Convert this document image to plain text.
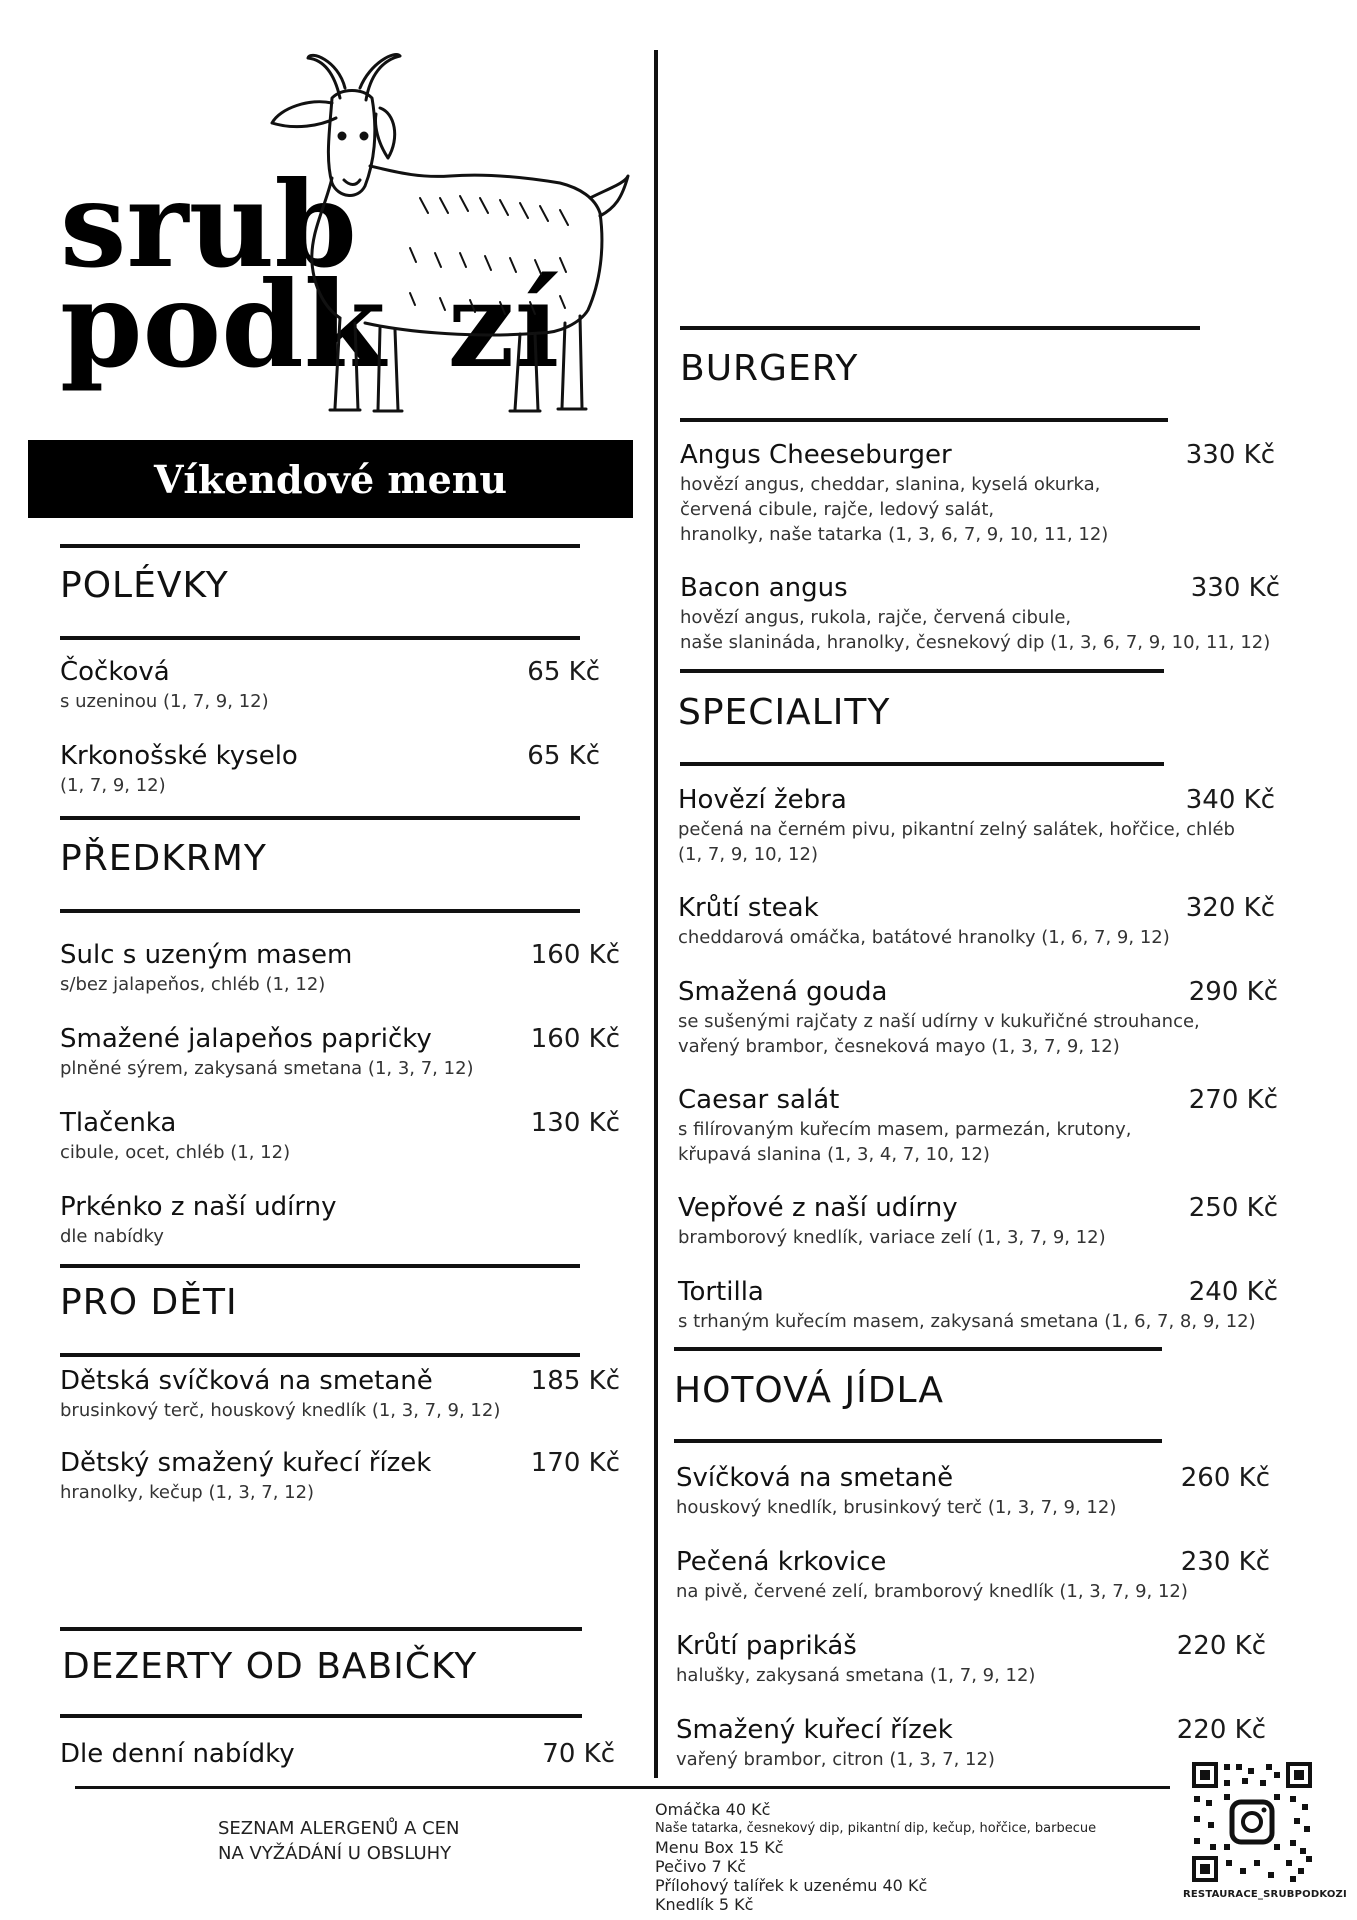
srub
podk zí
Víkendové menu
POLÉVKY
Čočková
s uzeninou (1, 7, 9, 12)
65 Kč
Krkonošské kyselo
(1, 7, 9, 12)
65 Kč
PŘEDKRMY
Sulc s uzeným masem
s/bez jalapeňos, chléb (1, 12)
160 Kč
Smažené jalapeňos papričky
plněné sýrem, zakysaná smetana (1, 3, 7, 12)
160 Kč
Tlačenka
cibule, ocet, chléb (1, 12)
130 Kč
Prkénko z naší udírny
dle nabídky
PRO DĚTI
Dětská svíčková na smetaně
brusinkový terč, houskový knedlík (1, 3, 7, 9, 12)
185 Kč
Dětský smažený kuřecí řízek
hranolky, kečup (1, 3, 7, 12)
170 Kč
DEZERTY OD BABIČKY
Dle denní nabídky	70 Kč
BURGERY
Angus Cheeseburger
hovězí angus, cheddar, slanina, kyselá okurka,
červená cibule, rajče, ledový salát,
hranolky, naše tatarka (1, 3, 6, 7, 9, 10, 11, 12)
330 Kč
Bacon angus
hovězí angus, rukola, rajče, červená cibule,
naše slanináda, hranolky, česnekový dip (1, 3, 6, 7, 9, 10, 11, 12)
330 Kč
SPECIALITY
Hovězí žebra
pečená na černém pivu, pikantní zelný salátek, hořčice, chléb
(1, 7, 9, 10, 12)
340 Kč
Krůtí steak
cheddarová omáčka, batátové hranolky (1, 6, 7, 9, 12)
320 Kč
Smažená gouda
se sušenými rajčaty z naší udírny v kukuřičné strouhance,
vařený brambor, česneková mayo (1, 3, 7, 9, 12)
290 Kč
Caesar salát
s filírovaným kuřecím masem, parmezán, krutony,
křupavá slanina (1, 3, 4, 7, 10, 12)
270 Kč
Vepřové z naší udírny
bramborový knedlík, variace zelí (1, 3, 7, 9, 12)
250 Kč
Tortilla
s trhaným kuřecím masem, zakysaná smetana (1, 6, 7, 8, 9, 12)
240 Kč
HOTOVÁ JÍDLA
Svíčková na smetaně
houskový knedlík, brusinkový terč (1, 3, 7, 9, 12)
260 Kč
Pečená krkovice
na pivě, červené zelí, bramborový knedlík (1, 3, 7, 9, 12)
230 Kč
Krůtí paprikáš
halušky, zakysaná smetana (1, 7, 9, 12)
220 Kč
Smažený kuřecí řízek
vařený brambor, citron (1, 3, 7, 12)
220 Kč
SEZNAM ALERGENŮ A CEN
NA VYŽÁDÁNÍ U OBSLUHY
Omáčka 40 Kč
Naše tatarka, česnekový dip, pikantní dip, kečup, hořčice, barbecue
Menu Box 15 Kč
Pečivo 7 Kč
Přílohový talířek k uzenému 40 Kč
Knedlík 5 Kč
RESTAURACE_SRUBPODKOZI
